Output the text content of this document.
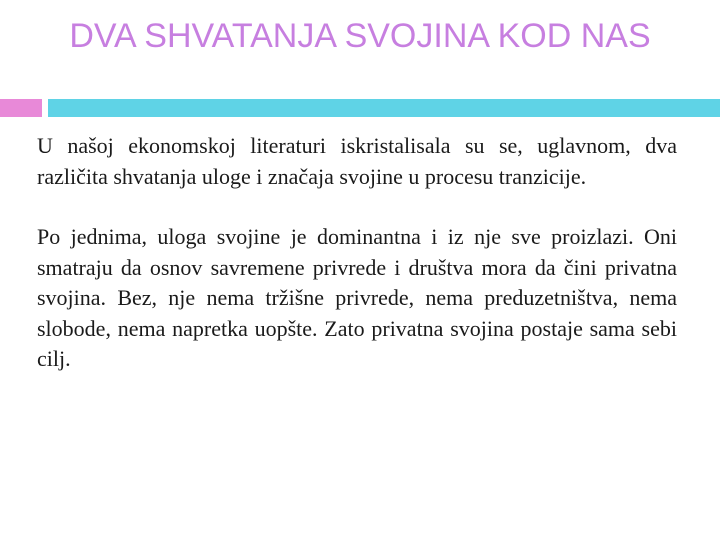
DVA SHVATANJA SVOJINA KOD NAS

U našoj ekonomskoj literaturi iskristalisala su se, uglavnom, dva različita shvatanja uloge i značaja svojine u procesu tranzicije.

Po jednima, uloga svojine je dominantna i iz nje sve proizlazi. Oni smatraju da osnov savremene privrede i društva mora da čini privatna svojina. Bez, nje nema tržišne privrede, nema preduzetništva, nema slobode, nema napretka uopšte. Zato privatna svojina postaje sama sebi cilj.
